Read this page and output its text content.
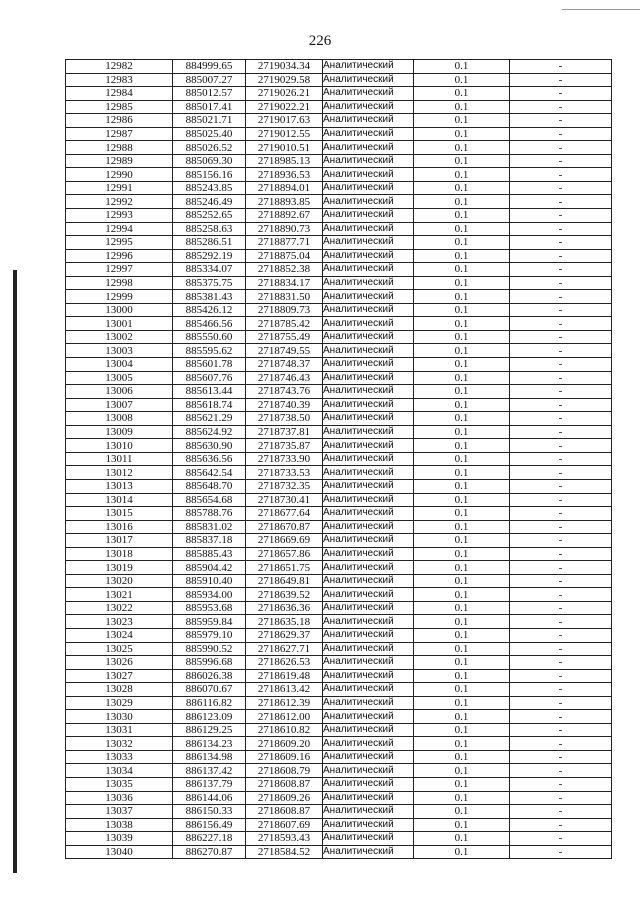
226
12982	884999.65	2719034.34	Аналитический	0.1	-
12983	885007.27	2719029.58	Аналитический	0.1	-
12984	885012.57	2719026.21	Аналитический	0.1	-
12985	885017.41	2719022.21	Аналитический	0.1	-
12986	885021.71	2719017.63	Аналитический	0.1	-
12987	885025.40	2719012.55	Аналитический	0.1	-
12988	885026.52	2719010.51	Аналитический	0.1	-
12989	885069.30	2718985.13	Аналитический	0.1	-
12990	885156.16	2718936.53	Аналитический	0.1	-
12991	885243.85	2718894.01	Аналитический	0.1	-
12992	885246.49	2718893.85	Аналитический	0.1	-
12993	885252.65	2718892.67	Аналитический	0.1	-
12994	885258.63	2718890.73	Аналитический	0.1	-
12995	885286.51	2718877.71	Аналитический	0.1	-
12996	885292.19	2718875.04	Аналитический	0.1	-
12997	885334.07	2718852.38	Аналитический	0.1	-
12998	885375.75	2718834.17	Аналитический	0.1	-
12999	885381.43	2718831.50	Аналитический	0.1	-
13000	885426.12	2718809.73	Аналитический	0.1	-
13001	885466.56	2718785.42	Аналитический	0.1	-
13002	885550.60	2718755.49	Аналитический	0.1	-
13003	885595.62	2718749.55	Аналитический	0.1	-
13004	885601.78	2718748.37	Аналитический	0.1	-
13005	885607.76	2718746.43	Аналитический	0.1	-
13006	885613.44	2718743.76	Аналитический	0.1	-
13007	885618.74	2718740.39	Аналитический	0.1	-
13008	885621.29	2718738.50	Аналитический	0.1	-
13009	885624.92	2718737.81	Аналитический	0.1	-
13010	885630.90	2718735.87	Аналитический	0.1	-
13011	885636.56	2718733.90	Аналитический	0.1	-
13012	885642.54	2718733.53	Аналитический	0.1	-
13013	885648.70	2718732.35	Аналитический	0.1	-
13014	885654.68	2718730.41	Аналитический	0.1	-
13015	885788.76	2718677.64	Аналитический	0.1	-
13016	885831.02	2718670.87	Аналитический	0.1	-
13017	885837.18	2718669.69	Аналитический	0.1	-
13018	885885.43	2718657.86	Аналитический	0.1	-
13019	885904.42	2718651.75	Аналитический	0.1	-
13020	885910.40	2718649.81	Аналитический	0.1	-
13021	885934.00	2718639.52	Аналитический	0.1	-
13022	885953.68	2718636.36	Аналитический	0.1	-
13023	885959.84	2718635.18	Аналитический	0.1	-
13024	885979.10	2718629.37	Аналитический	0.1	-
13025	885990.52	2718627.71	Аналитический	0.1	-
13026	885996.68	2718626.53	Аналитический	0.1	-
13027	886026.38	2718619.48	Аналитический	0.1	-
13028	886070.67	2718613.42	Аналитический	0.1	-
13029	886116.82	2718612.39	Аналитический	0.1	-
13030	886123.09	2718612.00	Аналитический	0.1	-
13031	886129.25	2718610.82	Аналитический	0.1	-
13032	886134.23	2718609.20	Аналитический	0.1	-
13033	886134.98	2718609.16	Аналитический	0.1	-
13034	886137.42	2718608.79	Аналитический	0.1	-
13035	886137.79	2718608.87	Аналитический	0.1	-
13036	886144.06	2718609.26	Аналитический	0.1	-
13037	886150.33	2718608.87	Аналитический	0.1	-
13038	886156.49	2718607.69	Аналитический	0.1	-
13039	886227.18	2718593.43	Аналитический	0.1	-
13040	886270.87	2718584.52	Аналитический	0.1	-
